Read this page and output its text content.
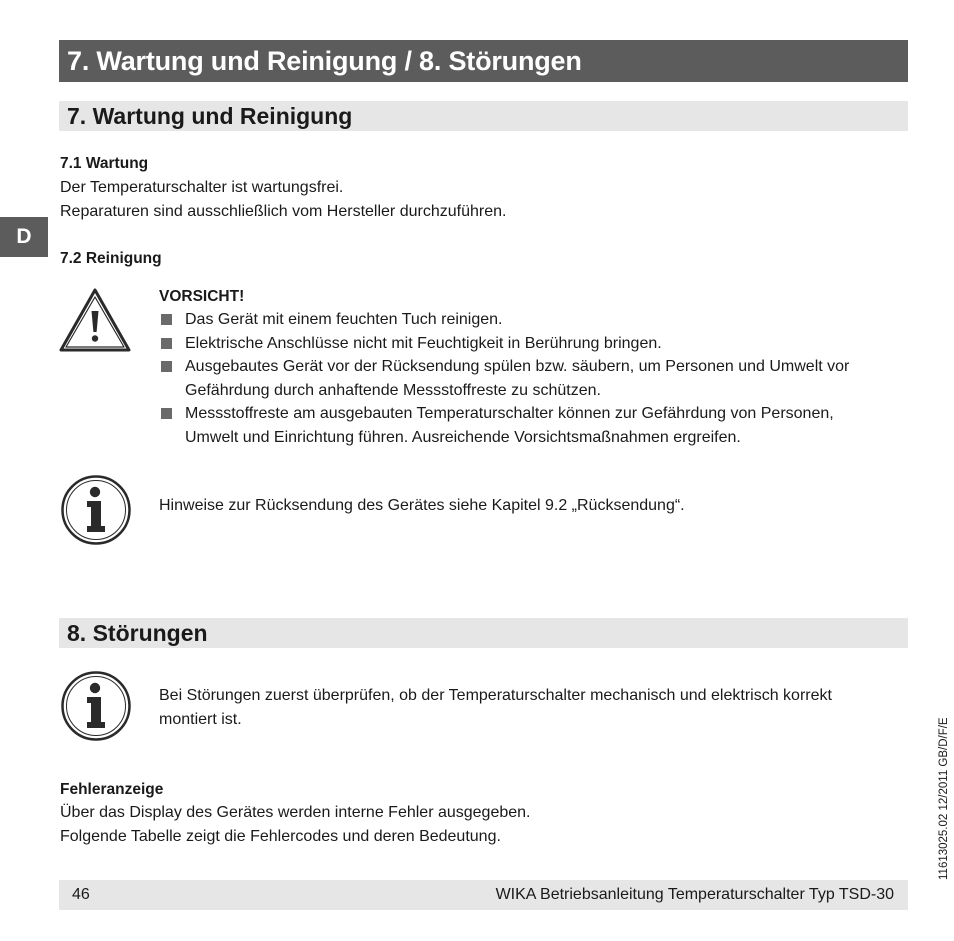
7. Wartung und Reinigung / 8. Störungen
7. Wartung und Reinigung
D
7.1 Wartung
Der Temperaturschalter ist wartungsfrei.
Reparaturen sind ausschließlich vom Hersteller durchzuführen.
7.2 Reinigung
VORSICHT!
Das Gerät mit einem feuchten Tuch reinigen.
Elektrische Anschlüsse nicht mit Feuchtigkeit in Berührung bringen.
Ausgebautes Gerät vor der Rücksendung spülen bzw. säubern, um Personen und Umwelt vor Gefährdung durch anhaftende Messstoffreste zu schützen.
Messstoffreste am ausgebauten Temperaturschalter können zur Gefährdung von Personen, Umwelt und Einrichtung führen. Ausreichende Vorsichtsmaßnahmen ergreifen.
Hinweise zur Rücksendung des Gerätes siehe Kapitel 9.2 „Rücksendung“.
8. Störungen
Bei Störungen zuerst überprüfen, ob der Temperaturschalter mechanisch und elektrisch korrekt montiert ist.
Fehleranzeige
Über das Display des Gerätes werden interne Fehler ausgegeben.
Folgende Tabelle zeigt die Fehlercodes und deren Bedeutung.
46	WIKA Betriebsanleitung Temperaturschalter Typ TSD-30
11613025.02 12/2011 GB/D/F/E
